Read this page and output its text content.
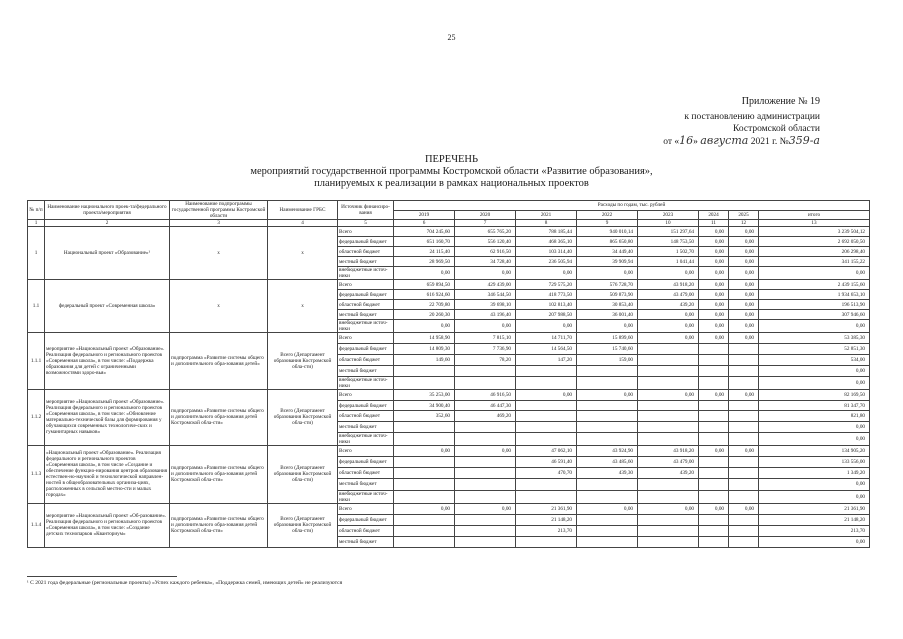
25
Приложение № 19
к постановлению администрации
Костромской области
от «16» августа 2021 г. №359-а
ПЕРЕЧЕНЬ
мероприятий государственной программы Костромской области «Развитие образования»,
планируемых к реализации в рамках национальных проектов
№ п/п	Наименование национального проек-та/федерального проекта/мероприятия	Наименование подпрограммы государственной программы Костромской области	Наименование ГРБС	Источник финансиро-вания	Расходы по годам, тыс. рублей							
					2019	2020	2021	2022	2023	2024	2025	итого
1	2	3	4	5	6	7	8	9	10	11	12	13
1	Национальный проект «Образование»¹	х	х	Всего	704 245,60	655 765,20	788 185,44	940 010,14	151 297,64	0,00	0,00	3 239 504,12
				федеральный бюджет	651 160,70	556 120,40	468 365,10	865 650,80	148 753,50	0,00	0,00	2 692 050,50
				областной бюджет	24 115,40	62 916,50	103 314,40	34 449,40	1 502,70	0,00	0,00	206 298,40
				местный бюджет	28 969,50	34 728,40	236 505,94	39 909,94	1 041,44	0,00	0,00	341 155,22
				внебюджетные источ-ники	0,00	0,00	0,00	0,00	0,00	0,00	0,00	0,00
1.1	федеральный проект «Современная школа»	х	х	Всего	659 894,50	429 439,00	729 575,20	576 728,70	43 918,20	0,00	0,00	2 439 155,60
				федеральный бюджет	616 924,60	346 544,50	418 773,50	509 873,90	43 479,00	0,00	0,00	1 934 653,10
				областной бюджет	22 709,80	39 698,10	102 813,40	30 853,40	439,20	0,00	0,00	196 513,90
				местный бюджет	20 260,30	43 196,40	207 988,50	36 001,40	0,00	0,00	0,00	307 946,60
				внебюджетные источ-ники	0,00	0,00	0,00	0,00	0,00	0,00	0,00	0,00
1.1.1	мероприятие «Национальный проект «Образование». Реализация федерального и регионального проектов «Современная школа», в том числе: «Поддержка образования для детей с ограниченными возможностями здоро-вья»	подпрограмма «Развитие системы общего и дополнительного обра-зования детей»	Всего (Департамент образования Костромской обла-сти)	Всего	14 958,90	7 815,10	14 711,70	15 899,60	0,00	0,00	0,00	53 385,30
				федеральный бюджет	14 809,30	7 736,90	14 564,50	15 740,60				52 851,30
				областной бюджет	149,60	78,20	147,20	159,00				534,00
				местный бюджет								0,00
				внебюджетные источ-ники								0,00
1.1.2	мероприятие «Национальный проект «Образование». Реализация федерального и регионального проектов «Современная школа», в том числе: «Обновление материально-технической базы для формирования у обучающихся современных технологиче-ских и гуманитарных навыков»	подпрограмма «Развитие системы общего и дополнительного обра-зования детей Костромской обла-сти»	Всего (Департамент образования Костромской обла-сти)	Всего	35 253,00	46 916,50	0,00	0,00	0,00	0,00	0,00	82 169,50
				федеральный бюджет	34 900,40	46 447,30						81 347,70
				областной бюджет	352,60	469,20						821,80
				местный бюджет								0,00
				внебюджетные источ-ники								0,00
1.1.3	«Национальный проект «Образование». Реализация федерального и регионального проектов «Современная школа», в том числе «Создание и обеспечение функцио-нирования центров образования естествен-но-научной и технологической направлен-ностей в общеобразовательных организа-циях, расположенных в сельской местно-сти и малых городах»	подпрограмма «Развитие системы общего и дополнительного обра-зования детей Костромской обла-сти»	Всего (Департамент образования Костромской обла-сти)	Всего	0,00	0,00	47 062,10	43 924,90	43 918,20	0,00	0,00	134 905,20
				федеральный бюджет			46 591,40	43 485,60	43 479,00			133 556,00
				областной бюджет			470,70	439,30	439,20			1 349,20
				местный бюджет								0,00
				внебюджетные источ-ники								0,00
1.1.4	мероприятие «Национальный проект «Об-разование». Реализация федерального и регионального проектов «Современная школа», в том числе: «Создание детских технопарков «Кванториум»	подпрограмма «Развитие системы общего и дополнительного обра-зования детей Костромской обла-сти»	Всего (Департамент образования Костромской обла-сти)	Всего	0,00	0,00	21 361,90	0,00	0,00	0,00	0,00	21 361,90
				федеральный бюджет			21 148,20					21 148,20
				областной бюджет			213,70					213,70
				местный бюджет								0,00
¹ С 2021 года федеральные (региональные проекты) «Успех каждого ребенка», «Поддержка семей, имеющих детей» не реализуются
